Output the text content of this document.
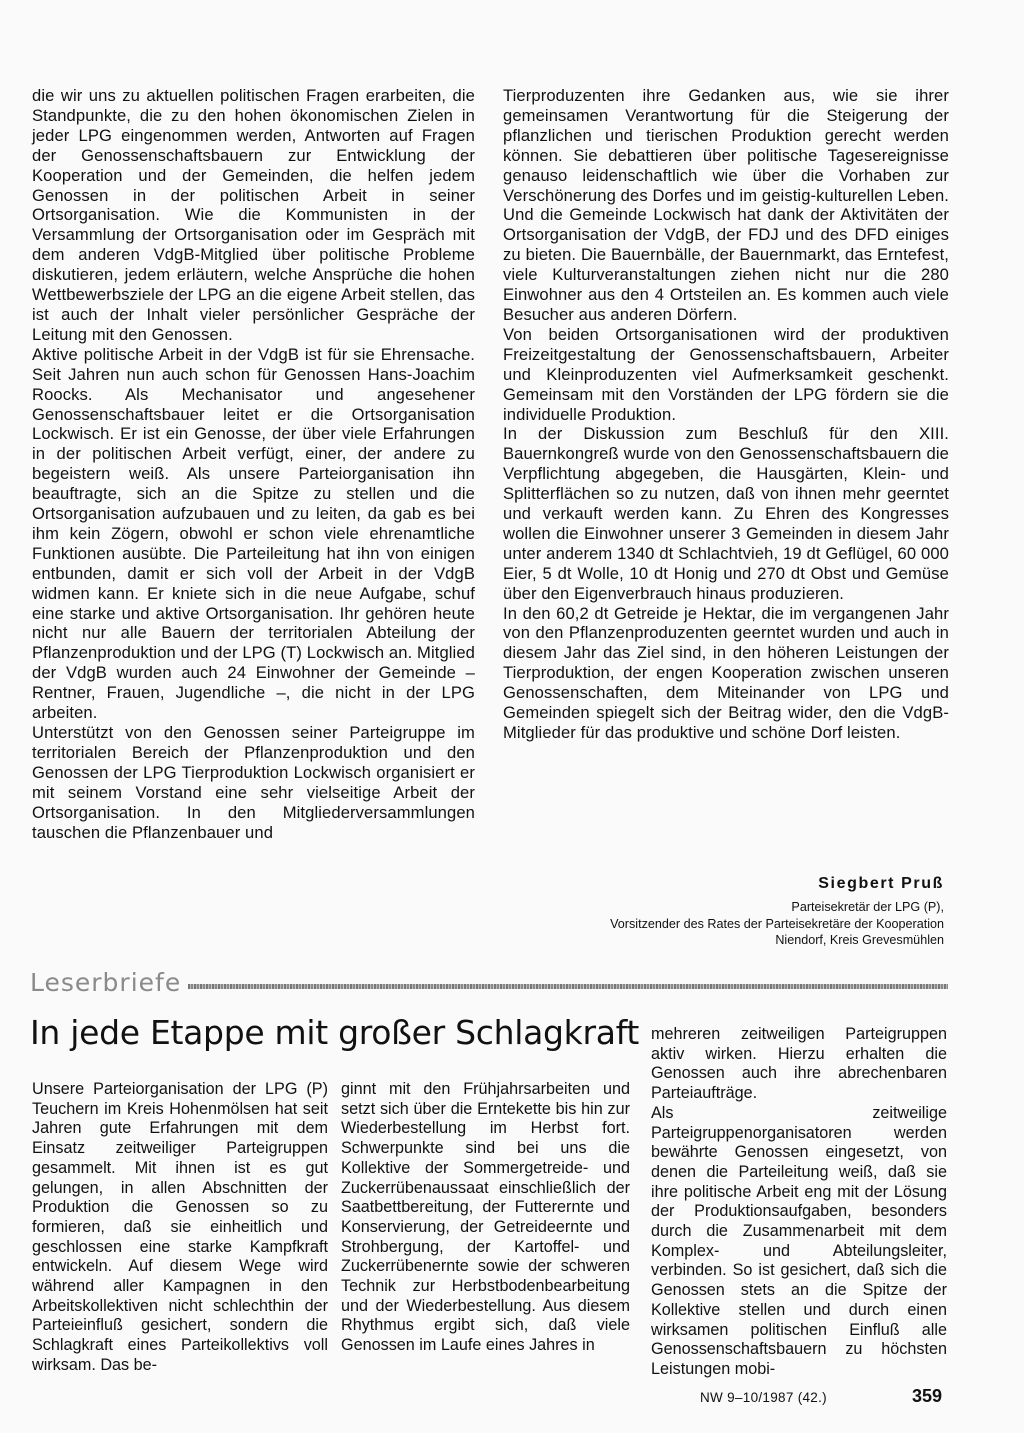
die wir uns zu aktuellen politischen Fragen erarbeiten, die Standpunkte, die zu den hohen ökonomischen Zielen in jeder LPG eingenommen werden, Antworten auf Fragen der Genossenschaftsbauern zur Entwicklung der Kooperation und der Gemeinden, die helfen jedem Genossen in der politischen Arbeit in seiner Ortsorganisation. Wie die Kommunisten in der Versammlung der Ortsorganisation oder im Gespräch mit dem anderen VdgB-Mitglied über politische Probleme diskutieren, jedem erläutern, welche Ansprüche die hohen Wettbewerbsziele der LPG an die eigene Arbeit stellen, das ist auch der Inhalt vieler persönlicher Gespräche der Leitung mit den Genossen.

Aktive politische Arbeit in der VdgB ist für sie Ehrensache. Seit Jahren nun auch schon für Genossen Hans-Joachim Roocks. Als Mechanisator und angesehener Genossenschaftsbauer leitet er die Ortsorganisation Lockwisch. Er ist ein Genosse, der über viele Erfahrungen in der politischen Arbeit verfügt, einer, der andere zu begeistern weiß. Als unsere Parteiorganisation ihn beauftragte, sich an die Spitze zu stellen und die Ortsorganisation aufzubauen und zu leiten, da gab es bei ihm kein Zögern, obwohl er schon viele ehrenamtliche Funktionen ausübte. Die Parteileitung hat ihn von einigen entbunden, damit er sich voll der Arbeit in der VdgB widmen kann. Er kniete sich in die neue Aufgabe, schuf eine starke und aktive Ortsorganisation. Ihr gehören heute nicht nur alle Bauern der territorialen Abteilung der Pflanzenproduktion und der LPG (T) Lockwisch an. Mitglied der VdgB wurden auch 24 Einwohner der Gemeinde – Rentner, Frauen, Jugendliche –, die nicht in der LPG arbeiten.

Unterstützt von den Genossen seiner Parteigruppe im territorialen Bereich der Pflanzenproduktion und den Genossen der LPG Tierproduktion Lockwisch organisiert er mit seinem Vorstand eine sehr vielseitige Arbeit der Ortsorganisation. In den Mitgliederversammlungen tauschen die Pflanzenbauer und

Tierproduzenten ihre Gedanken aus, wie sie ihrer gemeinsamen Verantwortung für die Steigerung der pflanzlichen und tierischen Produktion gerecht werden können. Sie debattieren über politische Tagesereignisse genauso leidenschaftlich wie über die Vorhaben zur Verschönerung des Dorfes und im geistig-kulturellen Leben. Und die Gemeinde Lockwisch hat dank der Aktivitäten der Ortsorganisation der VdgB, der FDJ und des DFD einiges zu bieten. Die Bauernbälle, der Bauernmarkt, das Erntefest, viele Kulturveranstaltungen ziehen nicht nur die 280 Einwohner aus den 4 Ortsteilen an. Es kommen auch viele Besucher aus anderen Dörfern.

Von beiden Ortsorganisationen wird der produktiven Freizeitgestaltung der Genossenschaftsbauern, Arbeiter und Kleinproduzenten viel Aufmerksamkeit geschenkt. Gemeinsam mit den Vorständen der LPG fördern sie die individuelle Produktion.

In der Diskussion zum Beschluß für den XIII. Bauernkongreß wurde von den Genossenschaftsbauern die Verpflichtung abgegeben, die Hausgärten, Klein- und Splitterflächen so zu nutzen, daß von ihnen mehr geerntet und verkauft werden kann. Zu Ehren des Kongresses wollen die Einwohner unserer 3 Gemeinden in diesem Jahr unter anderem 1340 dt Schlachtvieh, 19 dt Geflügel, 60 000 Eier, 5 dt Wolle, 10 dt Honig und 270 dt Obst und Gemüse über den Eigenverbrauch hinaus produzieren.

In den 60,2 dt Getreide je Hektar, die im vergangenen Jahr von den Pflanzenproduzenten geerntet wurden und auch in diesem Jahr das Ziel sind, in den höheren Leistungen der Tierproduktion, der engen Kooperation zwischen unseren Genossenschaften, dem Miteinander von LPG und Gemeinden spiegelt sich der Beitrag wider, den die VdgB-Mitglieder für das produktive und schöne Dorf leisten.

Siegbert Pruß
Parteisekretär der LPG (P),
Vorsitzender des Rates der Parteisekretäre der Kooperation
Niendorf, Kreis Grevesmühlen
Leserbriefe
In jede Etappe mit großer Schlagkraft

Unsere Parteiorganisation der LPG (P) Teuchern im Kreis Hohenmölsen hat seit Jahren gute Erfahrungen mit dem Einsatz zeitweiliger Parteigruppen gesammelt. Mit ihnen ist es gut gelungen, in allen Abschnitten der Produktion die Genossen so zu formieren, daß sie einheitlich und geschlossen eine starke Kampfkraft entwickeln. Auf diesem Wege wird während aller Kampagnen in den Arbeitskollektiven nicht schlechthin der Parteieinfluß gesichert, sondern die Schlagkraft eines Parteikollektivs voll wirksam. Das be-

ginnt mit den Frühjahrsarbeiten und setzt sich über die Erntekette bis hin zur Wiederbestellung im Herbst fort. Schwerpunkte sind bei uns die Kollektive der Sommergetreide- und Zuckerrübenaussaat einschließlich der Saatbettbereitung, der Futterernte und Konservierung, der Getreideernte und Strohbergung, der Kartoffel- und Zuckerrübenernte sowie der schweren Technik zur Herbstbodenbearbeitung und der Wiederbestellung. Aus diesem Rhythmus ergibt sich, daß viele Genossen im Laufe eines Jahres in

mehreren zeitweiligen Parteigruppen aktiv wirken. Hierzu erhalten die Genossen auch ihre abrechenbaren Parteiaufträge.

Als zeitweilige Parteigruppenorganisatoren werden bewährte Genossen eingesetzt, von denen die Parteileitung weiß, daß sie ihre politische Arbeit eng mit der Lösung der Produktionsaufgaben, besonders durch die Zusammenarbeit mit dem Komplex- und Abteilungsleiter, verbinden. So ist gesichert, daß sich die Genossen stets an die Spitze der Kollektive stellen und durch einen wirksamen politischen Einfluß alle Genossenschaftsbauern zu höchsten Leistungen mobi-

NW 9–10/1987 (42.)	359
